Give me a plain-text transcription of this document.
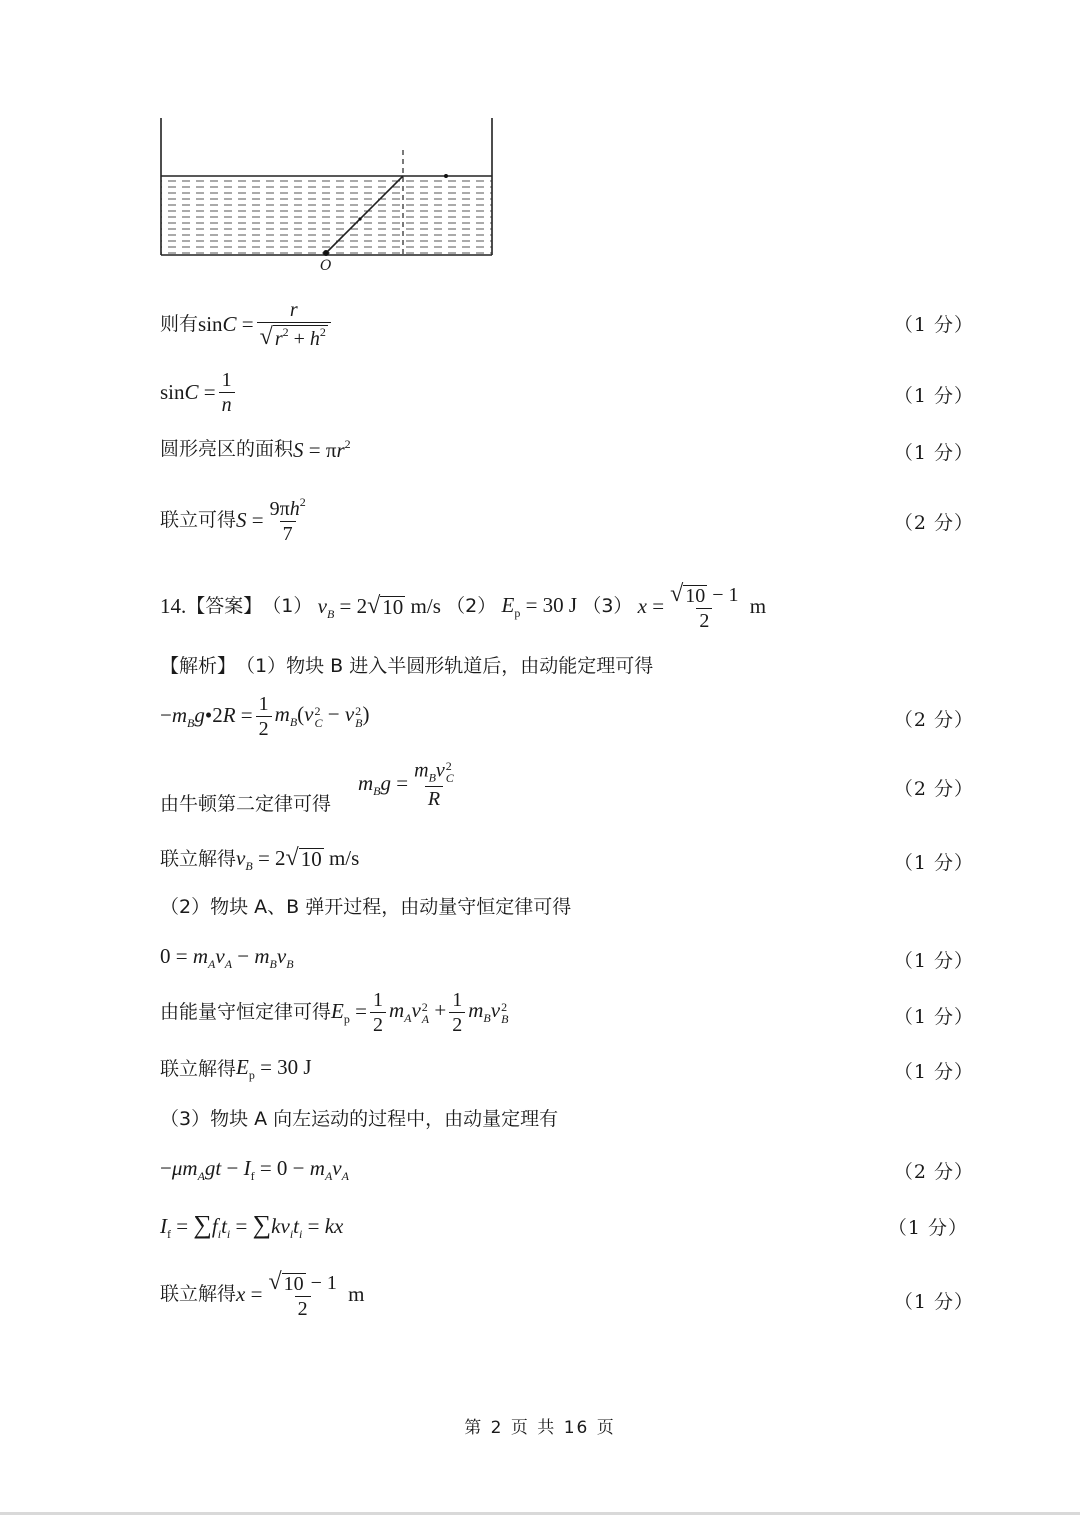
O
则有 $\sin C = \frac{r}{√ r^2 + h^2}$	（1 分）
$\sin C = \frac{1}{n}$	（1 分）
圆形亮区的面积 $S = \pi r^2$	（1 分）
联立可得 $S = \frac{9\pi h^2}{7}$	（2 分）
14. 【答案】 （1） $v_B = 2$ √ 10 m/s （2） $E_p = 30$ J （3） $x = \frac{√ 10 - 1}{2}$ m
【解析】 （1）物块 B 进入半圆形轨道后，由动能定理可得
$-m_Bg•2R = \frac{1}{2} m_B(v$ 2
C − v 2
B )	（2 分）
由牛顿第二定律可得
$m_Bg = m_Bv$ 2
C
R	（2 分）
联立解得 $v_B = 2$ √ 10 m/s	（1 分）
（2）物块 A、B 弹开过程，由动量守恒定律可得
$0 = m_Av_A - m_Bv_B$	（1 分）
由能量守恒定律可得 $E_p = \frac{1}{2} m_Av$ 2
$A + \frac{1}{2} m_Bv$ 2
B	（1 分）
联立解得 $E_p = 30$ J	（1 分）
（3）物块 A 向左运动的过程中，由动量定理有
$-\mu m_Agt - I_f = 0 - m_Av_A$	（2 分）
$I_f = \sum f_it_i = \sum kv_it_i$ = kx	（1 分）
联立解得 $x = \frac{√ 10 - 1}{2}$ m	（1 分）
第 2 页 共 16 页
